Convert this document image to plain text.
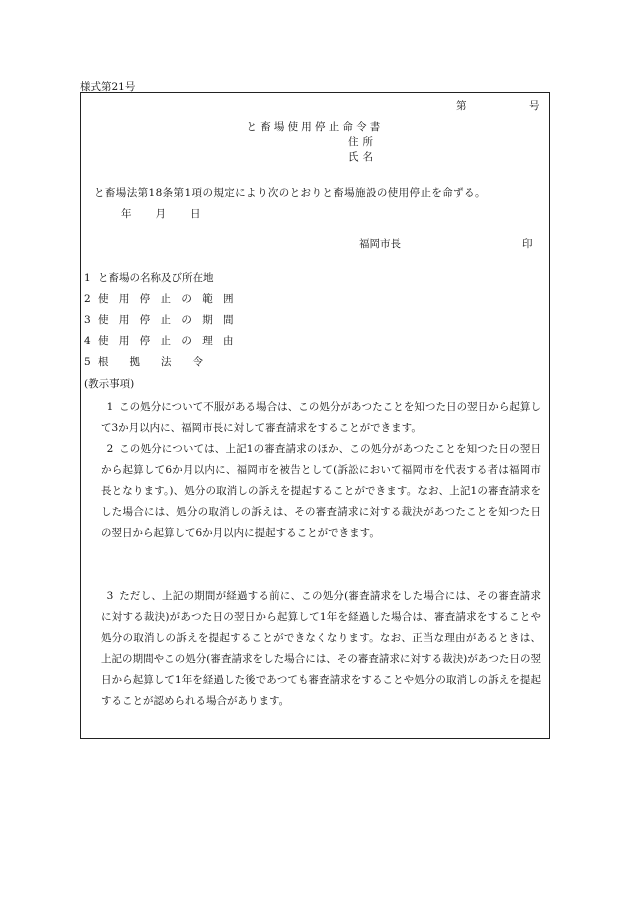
様式第21号
第	号
と畜場使用停止命令書
住所
氏名
と畜場法第18条第1項の規定により次のとおりと畜場施設の使用停止を命ずる。
年 月 日
福岡市長	印
1 と畜場の名称及び所在地
2 使 用 停 止 の 範 囲
3 使 用 停 止 の 期 間
4 使 用 停 止 の 理 由
5 根　　拠　　法　　令
(教示事項)

1 この処分について不服がある場合は、この処分があつたことを知つた日の翌日から起算して3か月以内に、福岡市長に対して審査請求をすることができます。

2 この処分については、上記1の審査請求のほか、この処分があつたことを知つた日の翌日から起算して6か月以内に、福岡市を被告として(訴訟において福岡市を代表する者は福岡市長となります。)、処分の取消しの訴えを提起することができます。なお、上記1の審査請求をした場合には、処分の取消しの訴えは、その審査請求に対する裁決があつたことを知つた日の翌日から起算して6か月以内に提起することができます。

3 ただし、上記の期間が経過する前に、この処分(審査請求をした場合には、その審査請求に対する裁決)があつた日の翌日から起算して1年を経過した場合は、審査請求をすることや処分の取消しの訴えを提起することができなくなります。なお、正当な理由があるときは、上記の期間やこの処分(審査請求をした場合には、その審査請求に対する裁決)があつた日の翌日から起算して1年を経過した後であつても審査請求をすることや処分の取消しの訴えを提起することが認められる場合があります。
